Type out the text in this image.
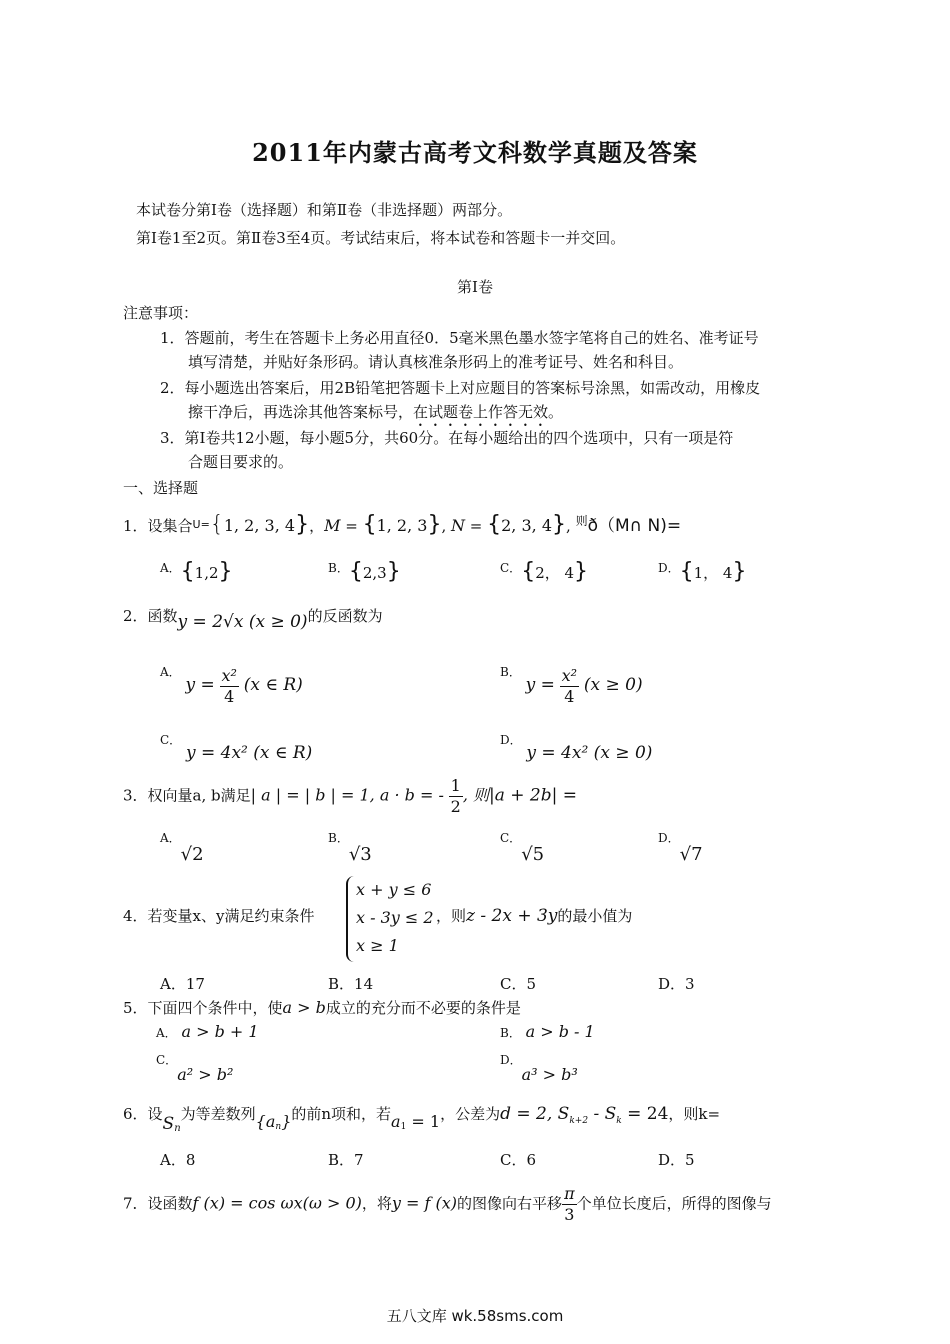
2011年内蒙古高考文科数学真题及答案
本试卷分第Ⅰ卷（选择题）和第Ⅱ卷（非选择题）两部分。
第Ⅰ卷1至2页。第Ⅱ卷3至4页。考试结束后，将本试卷和答题卡一并交回。
第Ⅰ卷
注意事项：
1．答题前，考生在答题卡上务必用直径0．5毫米黑色墨水签字笔将自己的姓名、准考证号
填写清楚，并贴好条形码。请认真核准条形码上的准考证号、姓名和科目。
2．每小题选出答案后，用2B铅笔把答题卡上对应题目的答案标号涂黑，如需改动，用橡皮
擦干净后，再选涂其他答案标号，在试题卷上作答无效。
3．第Ⅰ卷共12小题，每小题5分，共60分。在每小题给出的四个选项中，只有一项是符
合题目要求的。
一、选择题
1．设集合$^{U=}${1, 2, 3, 4}，M = {1, 2, 3}, N = {2, 3, 4}, $^则$ð（M∩ N)=
$^{A.}${1,2}	$^{B.}${2,3}	$^{C.}${2， 4}	$^{D.}${1， 4}
2．函数y = 2√x (x ≥ 0)的反函数为
$^{A.}$ $y = \frac{\text{x²}}{4} (x$ ∈ R)
$^{B.}$ $y = \frac{\text{x²}}{4} (x \ge 0)$
$^{C.}$ y = 4x² (x ∈ R)
$^{D.}$ y = 4x² (x ≥ 0)
3．权向量a, b满足| a | = | b | = 1, a · b = - $\frac{1}{2}$ , 则|a + 2b| =
$^{A.}$√2
$^{B.}$√3
$^{C.}$√5
$^{D.}$√7
4．若变量x、y满足约束条件
x + y ≤ 6
x - 3y ≤ 2
x ≥ 1
，则z - 2x + 3y的最小值为
A．17	B．14	C．5	D．3
5．下面四个条件中，使a > b成立的充分而不必要的条件是
A． a > b + 1	B． a > b - 1
$^{C.}$a² > b²
$^{D.}$a³ > b³
6．设$S_n$为等差数列$\{a_n\}$的前n项和，若$a_1 = 1$，公差为d = 2, $S_{k+2} - S_k = 24$，则k=
A．8	B．7	C．6	D．5
7．设函数f (x) = cos ωx(ω > 0)，将y = f (x)的图像向右平移 $\frac{\pi}{3}$ 个单位长度后，所得的图像与
五八文库 wk.58sms.com
